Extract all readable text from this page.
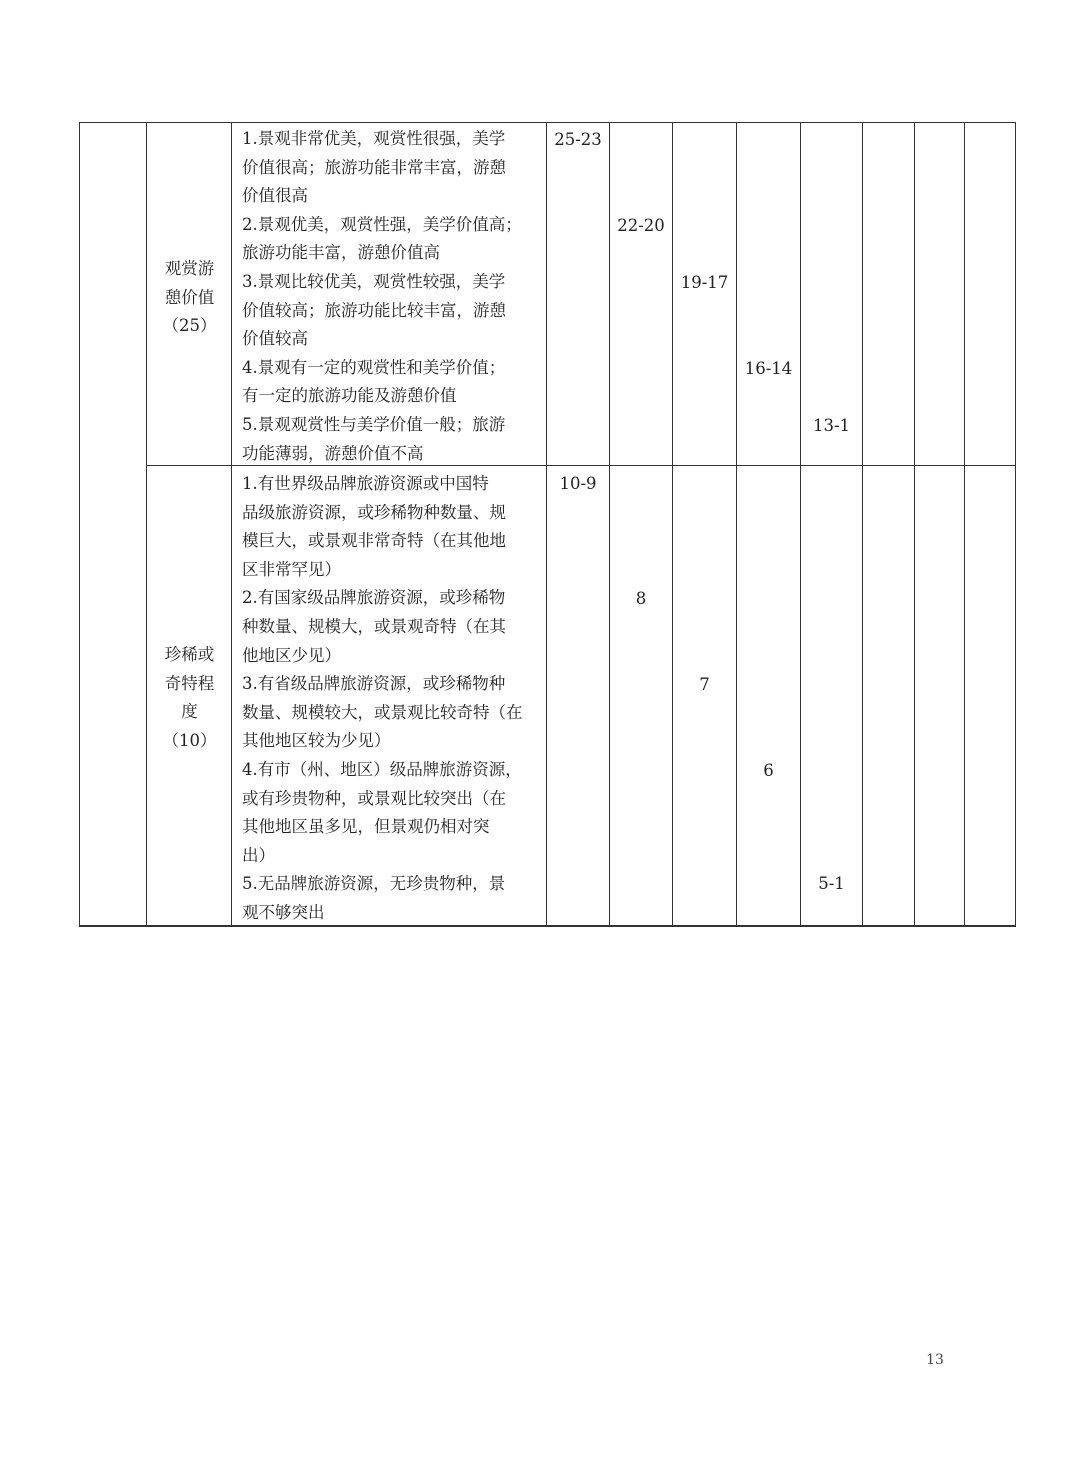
观赏游
憩价值
（25）
1.景观非常优美，观赏性很强，美学
价值很高；旅游功能非常丰富，游憩
价值很高
2.景观优美，观赏性强，美学价值高；
旅游功能丰富，游憩价值高
3.景观比较优美，观赏性较强，美学
价值较高；旅游功能比较丰富，游憩
价值较高
4.景观有一定的观赏性和美学价值；
有一定的旅游功能及游憩价值
5.景观观赏性与美学价值一般；旅游
功能薄弱，游憩价值不高
25-23
22-20
19-17
16-14
13-1
珍稀或
奇特程
度
（10）
1.有世界级品牌旅游资源或中国特
品级旅游资源，或珍稀物种数量、规
模巨大，或景观非常奇特（在其他地
区非常罕见）
2.有国家级品牌旅游资源，或珍稀物
种数量、规模大，或景观奇特（在其
他地区少见）
3.有省级品牌旅游资源，或珍稀物种
数量、规模较大，或景观比较奇特（在
其他地区较为少见）
4.有市（州、地区）级品牌旅游资源，
或有珍贵物种，或景观比较突出（在
其他地区虽多见，但景观仍相对突
出）
5.无品牌旅游资源，无珍贵物种，景
观不够突出
10-9
8
7
6
5-1
13
